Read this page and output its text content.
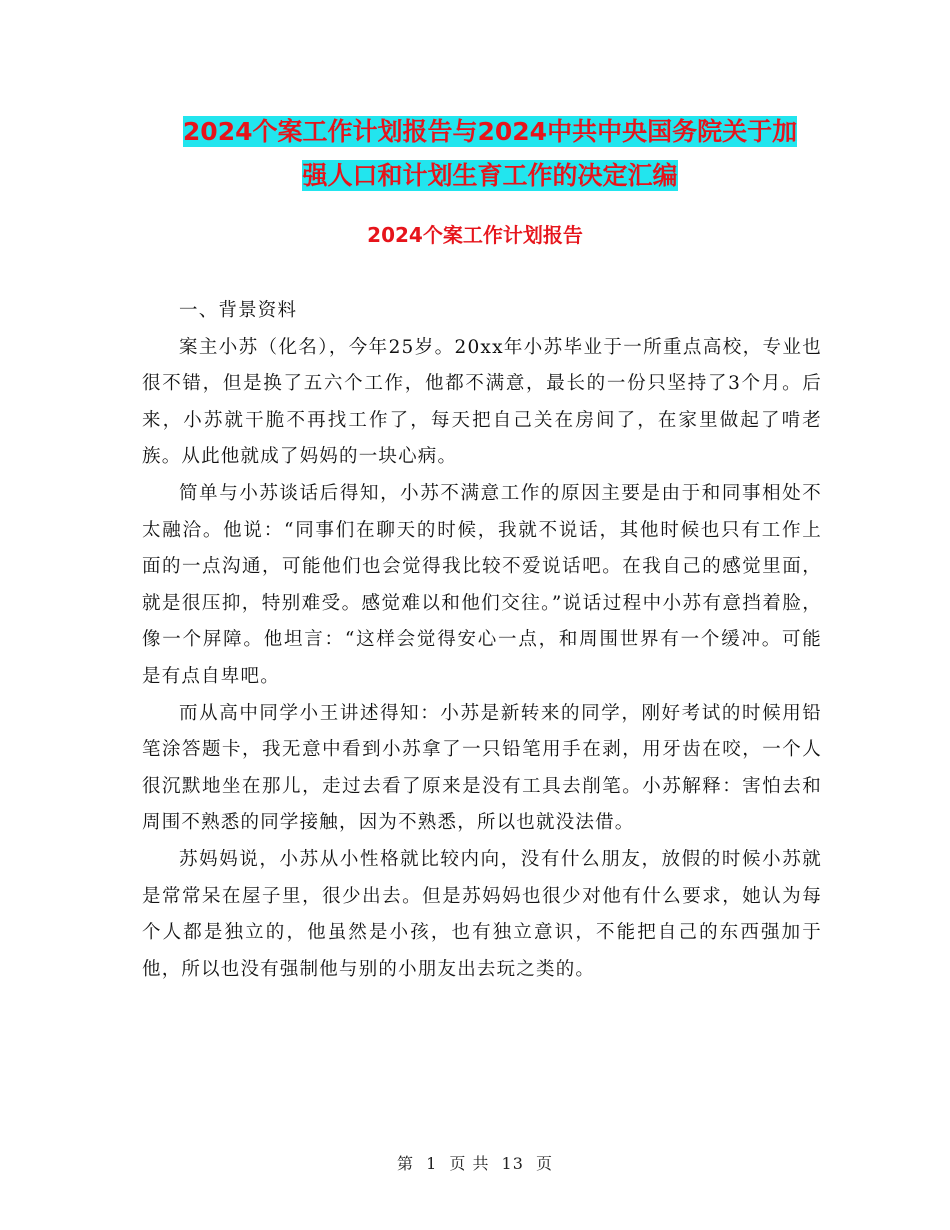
2024个案工作计划报告与2024中共中央国务院关于加
强人口和计划生育工作的决定汇编
2024个案工作计划报告

一、背景资料

案主小苏（化名），今年25岁。20xx年小苏毕业于一所重点高校，专业也很不错，但是换了五六个工作，他都不满意，最长的一份只坚持了3个月。后来，小苏就干脆不再找工作了，每天把自己关在房间了，在家里做起了啃老族。从此他就成了妈妈的一块心病。

简单与小苏谈话后得知，小苏不满意工作的原因主要是由于和同事相处不太融洽。他说：“同事们在聊天的时候，我就不说话，其他时候也只有工作上面的一点沟通，可能他们也会觉得我比较不爱说话吧。在我自己的感觉里面，就是很压抑，特别难受。感觉难以和他们交往。”说话过程中小苏有意挡着脸，像一个屏障。他坦言：“这样会觉得安心一点，和周围世界有一个缓冲。可能是有点自卑吧。

而从高中同学小王讲述得知：小苏是新转来的同学，刚好考试的时候用铅笔涂答题卡，我无意中看到小苏拿了一只铅笔用手在剥，用牙齿在咬，一个人很沉默地坐在那儿，走过去看了原来是没有工具去削笔。小苏解释：害怕去和周围不熟悉的同学接触，因为不熟悉，所以也就没法借。

苏妈妈说，小苏从小性格就比较内向，没有什么朋友，放假的时候小苏就是常常呆在屋子里，很少出去。但是苏妈妈也很少对他有什么要求，她认为每个人都是独立的，他虽然是小孩，也有独立意识，不能把自己的东西强加于他，所以也没有强制他与别的小朋友出去玩之类的。

第 1 页 共 13 页
